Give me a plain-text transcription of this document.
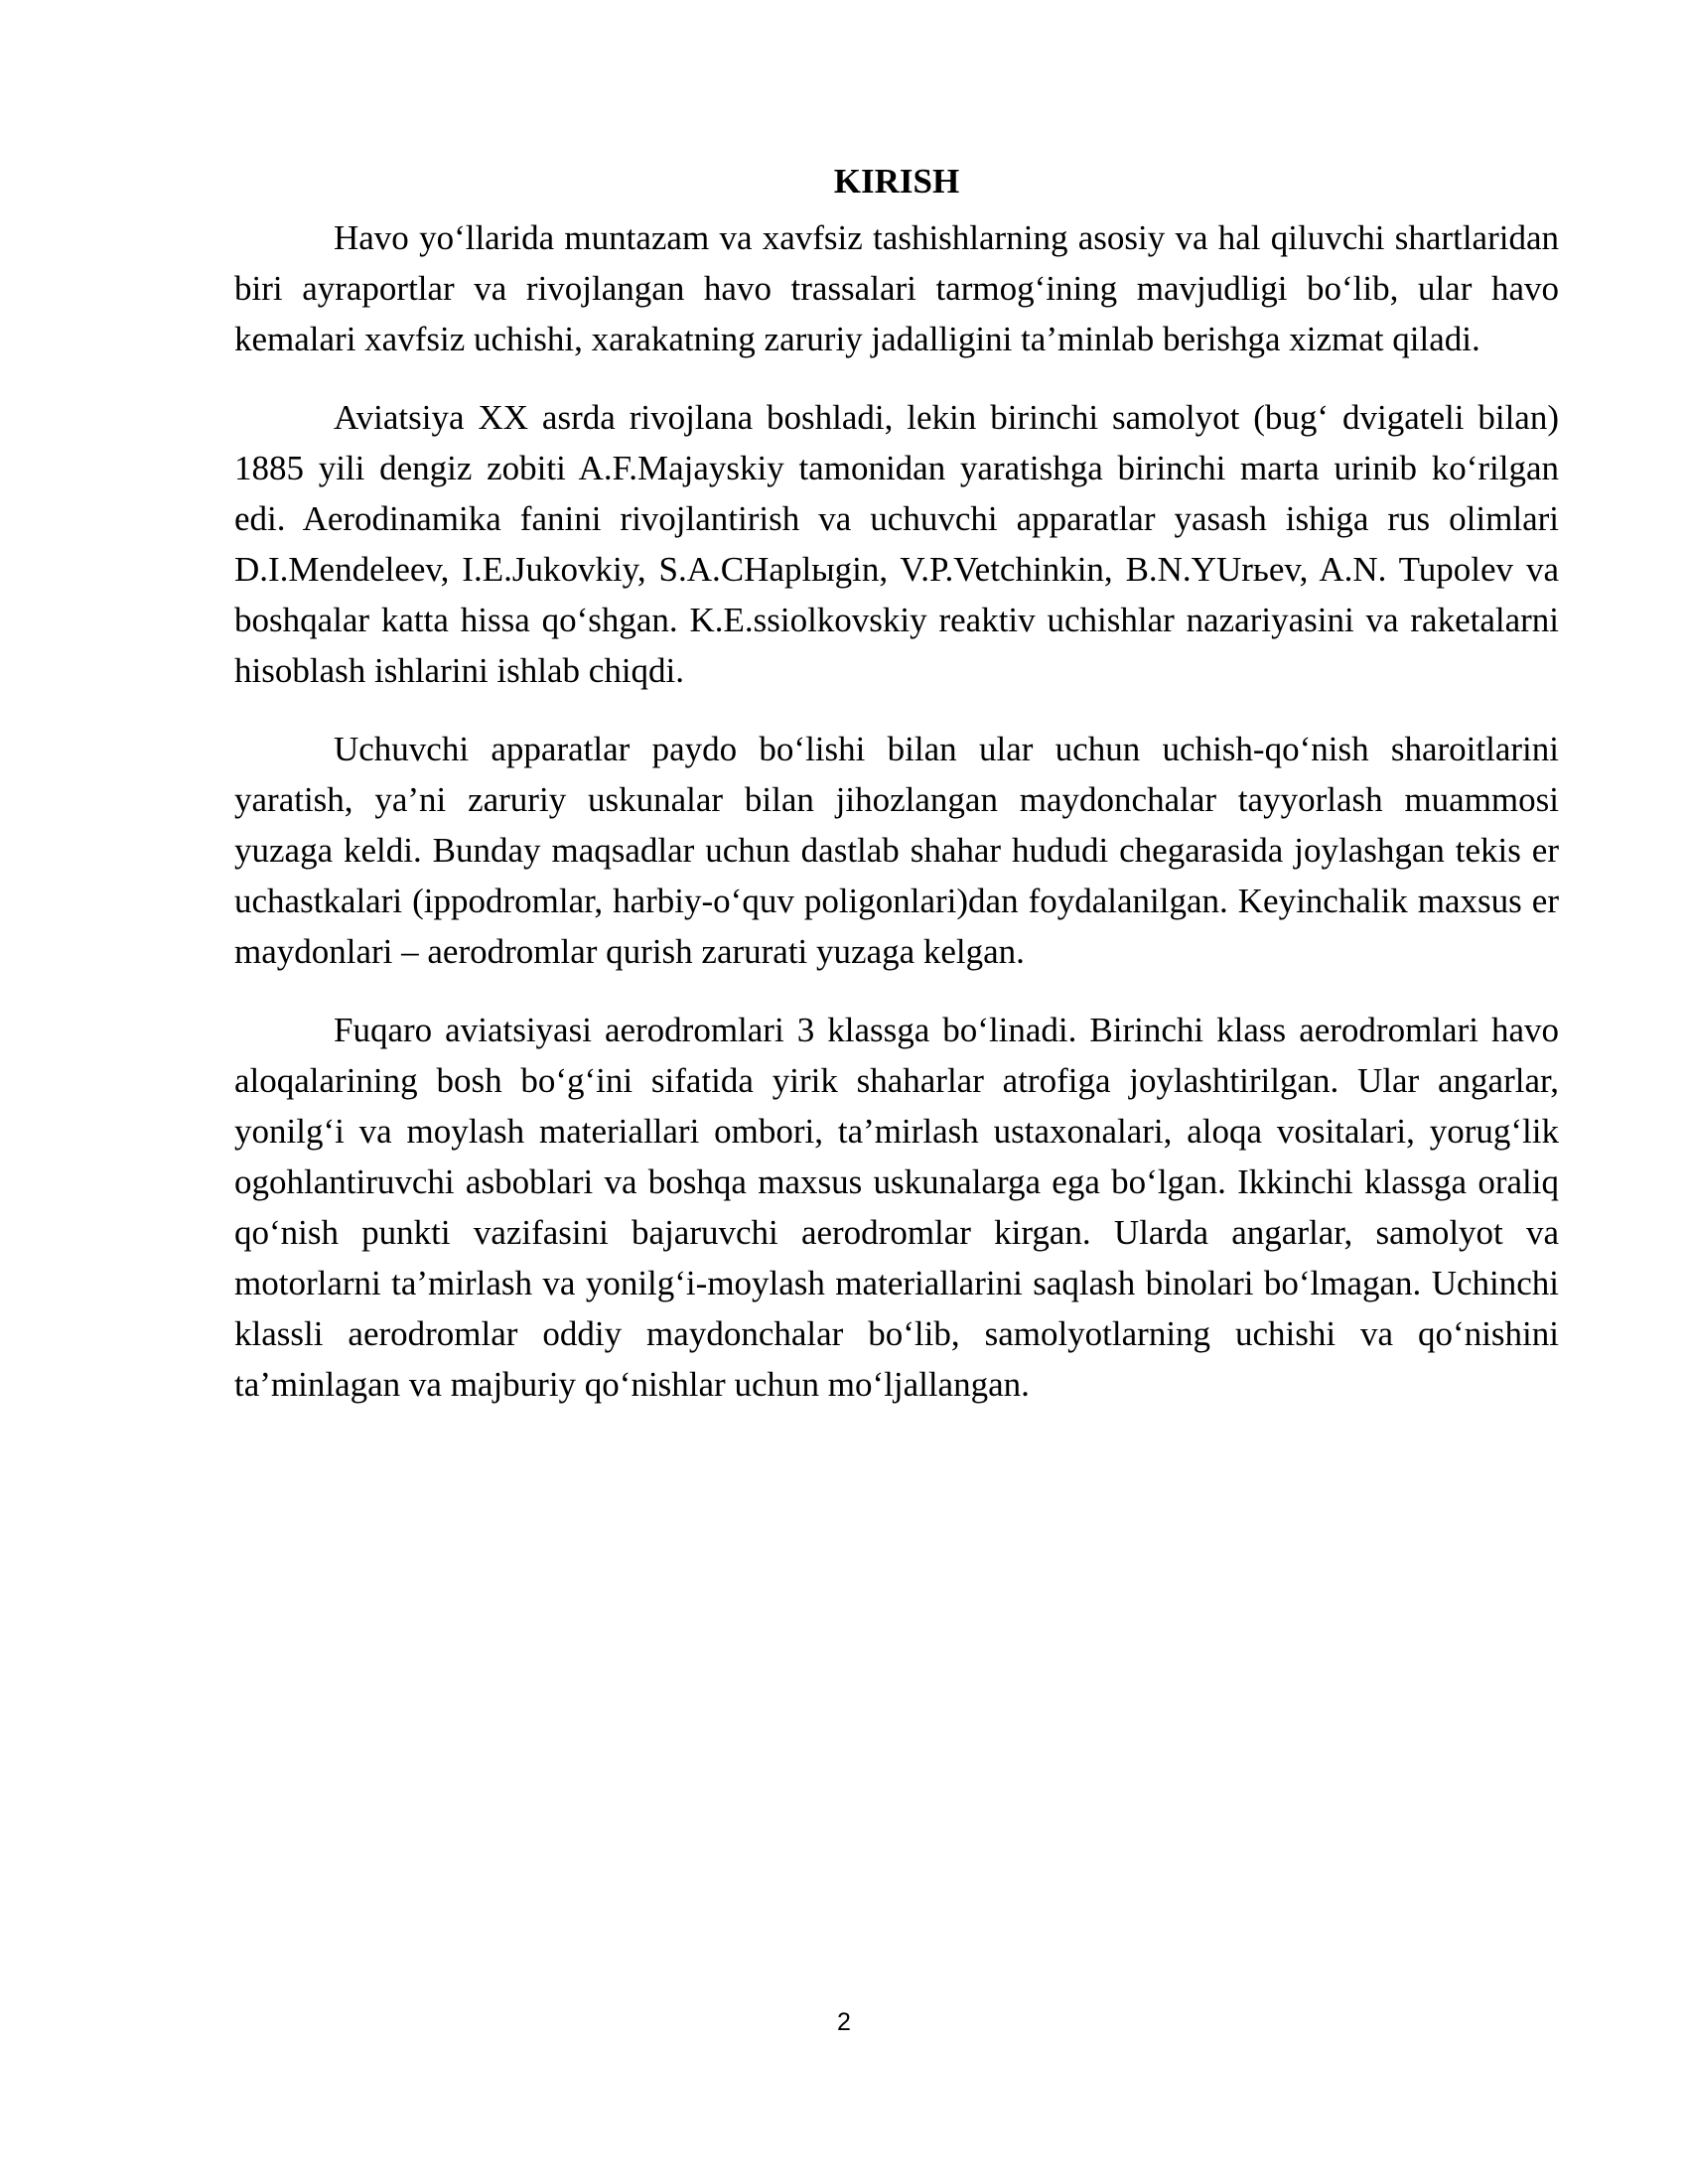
KIRISH

Havo yo‘llarida muntazam va xavfsiz tashishlarning asosiy va hal qiluvchi shartlaridan biri ayraportlar va rivojlangan havo trassalari tarmog‘ining mavjudligi bo‘lib, ular havo kemalari xavfsiz uchishi, xarakatning zaruriy jadalligini ta’minlab berishga xizmat qiladi.

Aviatsiya XX asrda rivojlana boshladi, lekin birinchi samolyot (bug‘ dvigateli bilan) 1885 yili dengiz zobiti A.F.Majayskiy tamonidan yaratishga birinchi marta urinib ko‘rilgan edi. Aerodinamika fanini rivojlantirish va uchuvchi apparatlar yasash ishiga rus olimlari D.I.Mendeleev, I.E.Jukovkiy, S.A.CHaplыgin, V.P.Vetchinkin, B.N.YUrьev, A.N. Tupolev va boshqalar katta hissa qo‘shgan. K.E.ssiolkovskiy reaktiv uchishlar nazariyasini va raketalarni hisoblash ishlarini ishlab chiqdi.

Uchuvchi apparatlar paydo bo‘lishi bilan ular uchun uchish-qo‘nish sharoitlarini yaratish, ya’ni zaruriy uskunalar bilan jihozlangan maydonchalar tayyorlash muammosi yuzaga keldi. Bunday maqsadlar uchun dastlab shahar hududi chegarasida joylashgan tekis er uchastkalari (ippodromlar, harbiy-o‘quv poligonlari)dan foydalanilgan. Keyinchalik maxsus er maydonlari – aerodromlar qurish zarurati yuzaga kelgan.

Fuqaro aviatsiyasi aerodromlari 3 klassga bo‘linadi. Birinchi klass aerodromlari havo aloqalarining bosh bo‘g‘ini sifatida yirik shaharlar atrofiga joylashtirilgan. Ular angarlar, yonilg‘i va moylash materiallari ombori, ta’mirlash ustaxonalari, aloqa vositalari, yorug‘lik ogohlantiruvchi asboblari va boshqa maxsus uskunalarga ega bo‘lgan. Ikkinchi klassga oraliq qo‘nish punkti vazifasini bajaruvchi aerodromlar kirgan. Ularda angarlar, samolyot va motorlarni ta’mirlash va yonilg‘i-moylash materiallarini saqlash binolari bo‘lmagan. Uchinchi klassli aerodromlar oddiy maydonchalar bo‘lib, samolyotlarning uchishi va qo‘nishini ta’minlagan va majburiy qo‘nishlar uchun mo‘ljallangan.

2
